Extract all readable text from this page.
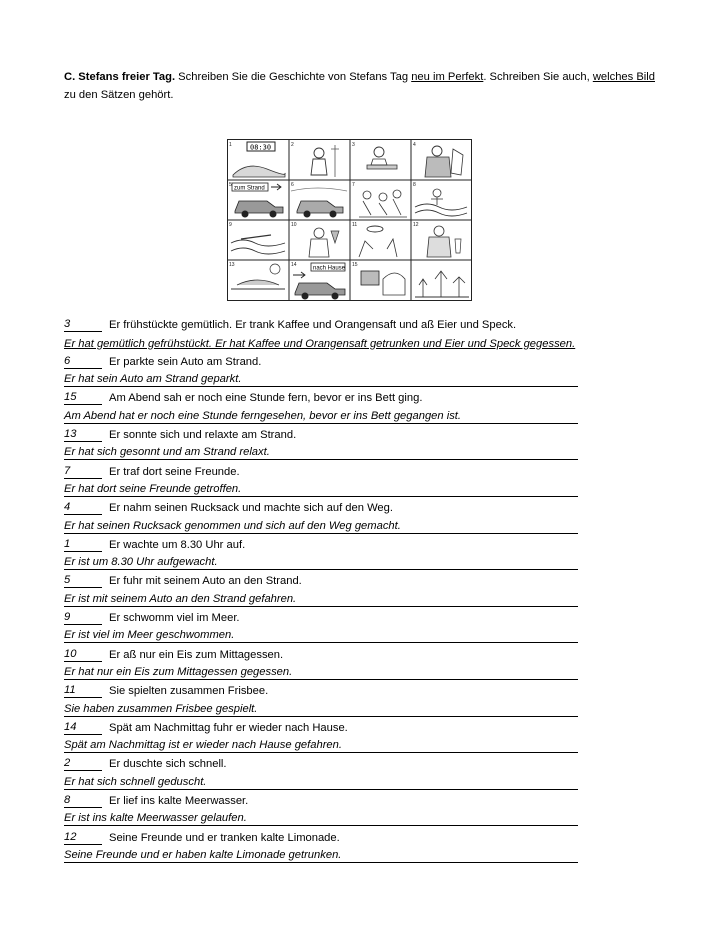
C. Stefans freier Tag. Schreiben Sie die Geschichte von Stefans Tag neu im Perfekt. Schreiben Sie auch, welches Bild zu den Sätzen gehört.
08:30
zum Strand
nach Hause
1	2	3	4
5	6	7	8
9	10	11	12
13	14	15
3	Er frühstückte gemütlich. Er trank Kaffee und Orangensaft und aß Eier und Speck.
Er hat gemütlich gefrühstückt. Er hat Kaffee und Orangensaft getrunken und Eier und Speck gegessen.
6	Er parkte sein Auto am Strand.
Er hat sein Auto am Strand geparkt.
15	Am Abend sah er noch eine Stunde fern, bevor er ins Bett ging.
Am Abend hat er noch eine Stunde ferngesehen, bevor er ins Bett gegangen ist.
13	Er sonnte sich und relaxte am Strand.
Er hat sich gesonnt und am Strand relaxt.
7	Er traf dort seine Freunde.
Er hat dort seine Freunde getroffen.
4	Er nahm seinen Rucksack und machte sich auf den Weg.
Er hat seinen Rucksack genommen und sich auf den Weg gemacht.
1	Er wachte um 8.30 Uhr auf.
Er ist um 8.30 Uhr aufgewacht.
5	Er fuhr mit seinem Auto an den Strand.
Er ist mit seinem Auto an den Strand gefahren.
9	Er schwomm viel im Meer.
Er ist viel im Meer geschwommen.
10	Er aß nur ein Eis zum Mittagessen.
Er hat nur ein Eis zum Mittagessen gegessen.
11	Sie spielten zusammen Frisbee.
Sie haben zusammen Frisbee gespielt.
14	Spät am Nachmittag fuhr er wieder nach Hause.
Spät am Nachmittag ist er wieder nach Hause gefahren.
2	Er duschte sich schnell.
Er hat sich schnell geduscht.
8	Er lief ins kalte Meerwasser.
Er ist ins kalte Meerwasser gelaufen.
12	Seine Freunde und er tranken kalte Limonade.
Seine Freunde und er haben kalte Limonade getrunken.
